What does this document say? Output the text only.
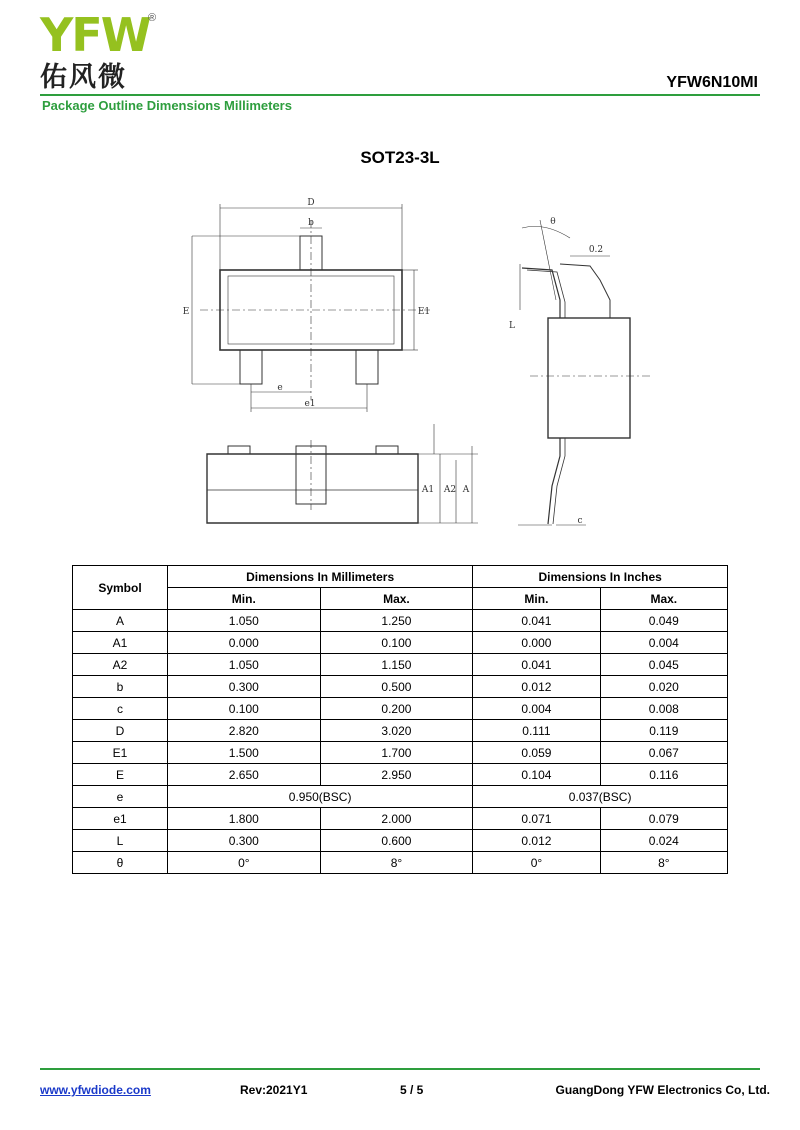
YFW
®
佑风微	YFW6N10MI
Package Outline Dimensions Millimeters
SOT23-3L
D
b
E	E1
e
e1
θ
0.2
L
A1 A2 A
c
Symbol	Dimensions In Millimeters		Dimensions In Inches	
	Min.	Max.	Min.	Max.
A	1.050	1.250	0.041	0.049
A1	0.000	0.100	0.000	0.004
A2	1.050	1.150	0.041	0.045
b	0.300	0.500	0.012	0.020
c	0.100	0.200	0.004	0.008
D	2.820	3.020	0.111	0.119
E1	1.500	1.700	0.059	0.067
E	2.650	2.950	0.104	0.116
e	0.950(BSC)		0.037(BSC)	
e1	1.800	2.000	0.071	0.079
L	0.300	0.600	0.012	0.024
θ	0°	8°	0°	8°
www.yfwdiode.com	Rev:2021Y1	5 / 5	GuangDong YFW Electronics Co, Ltd.
